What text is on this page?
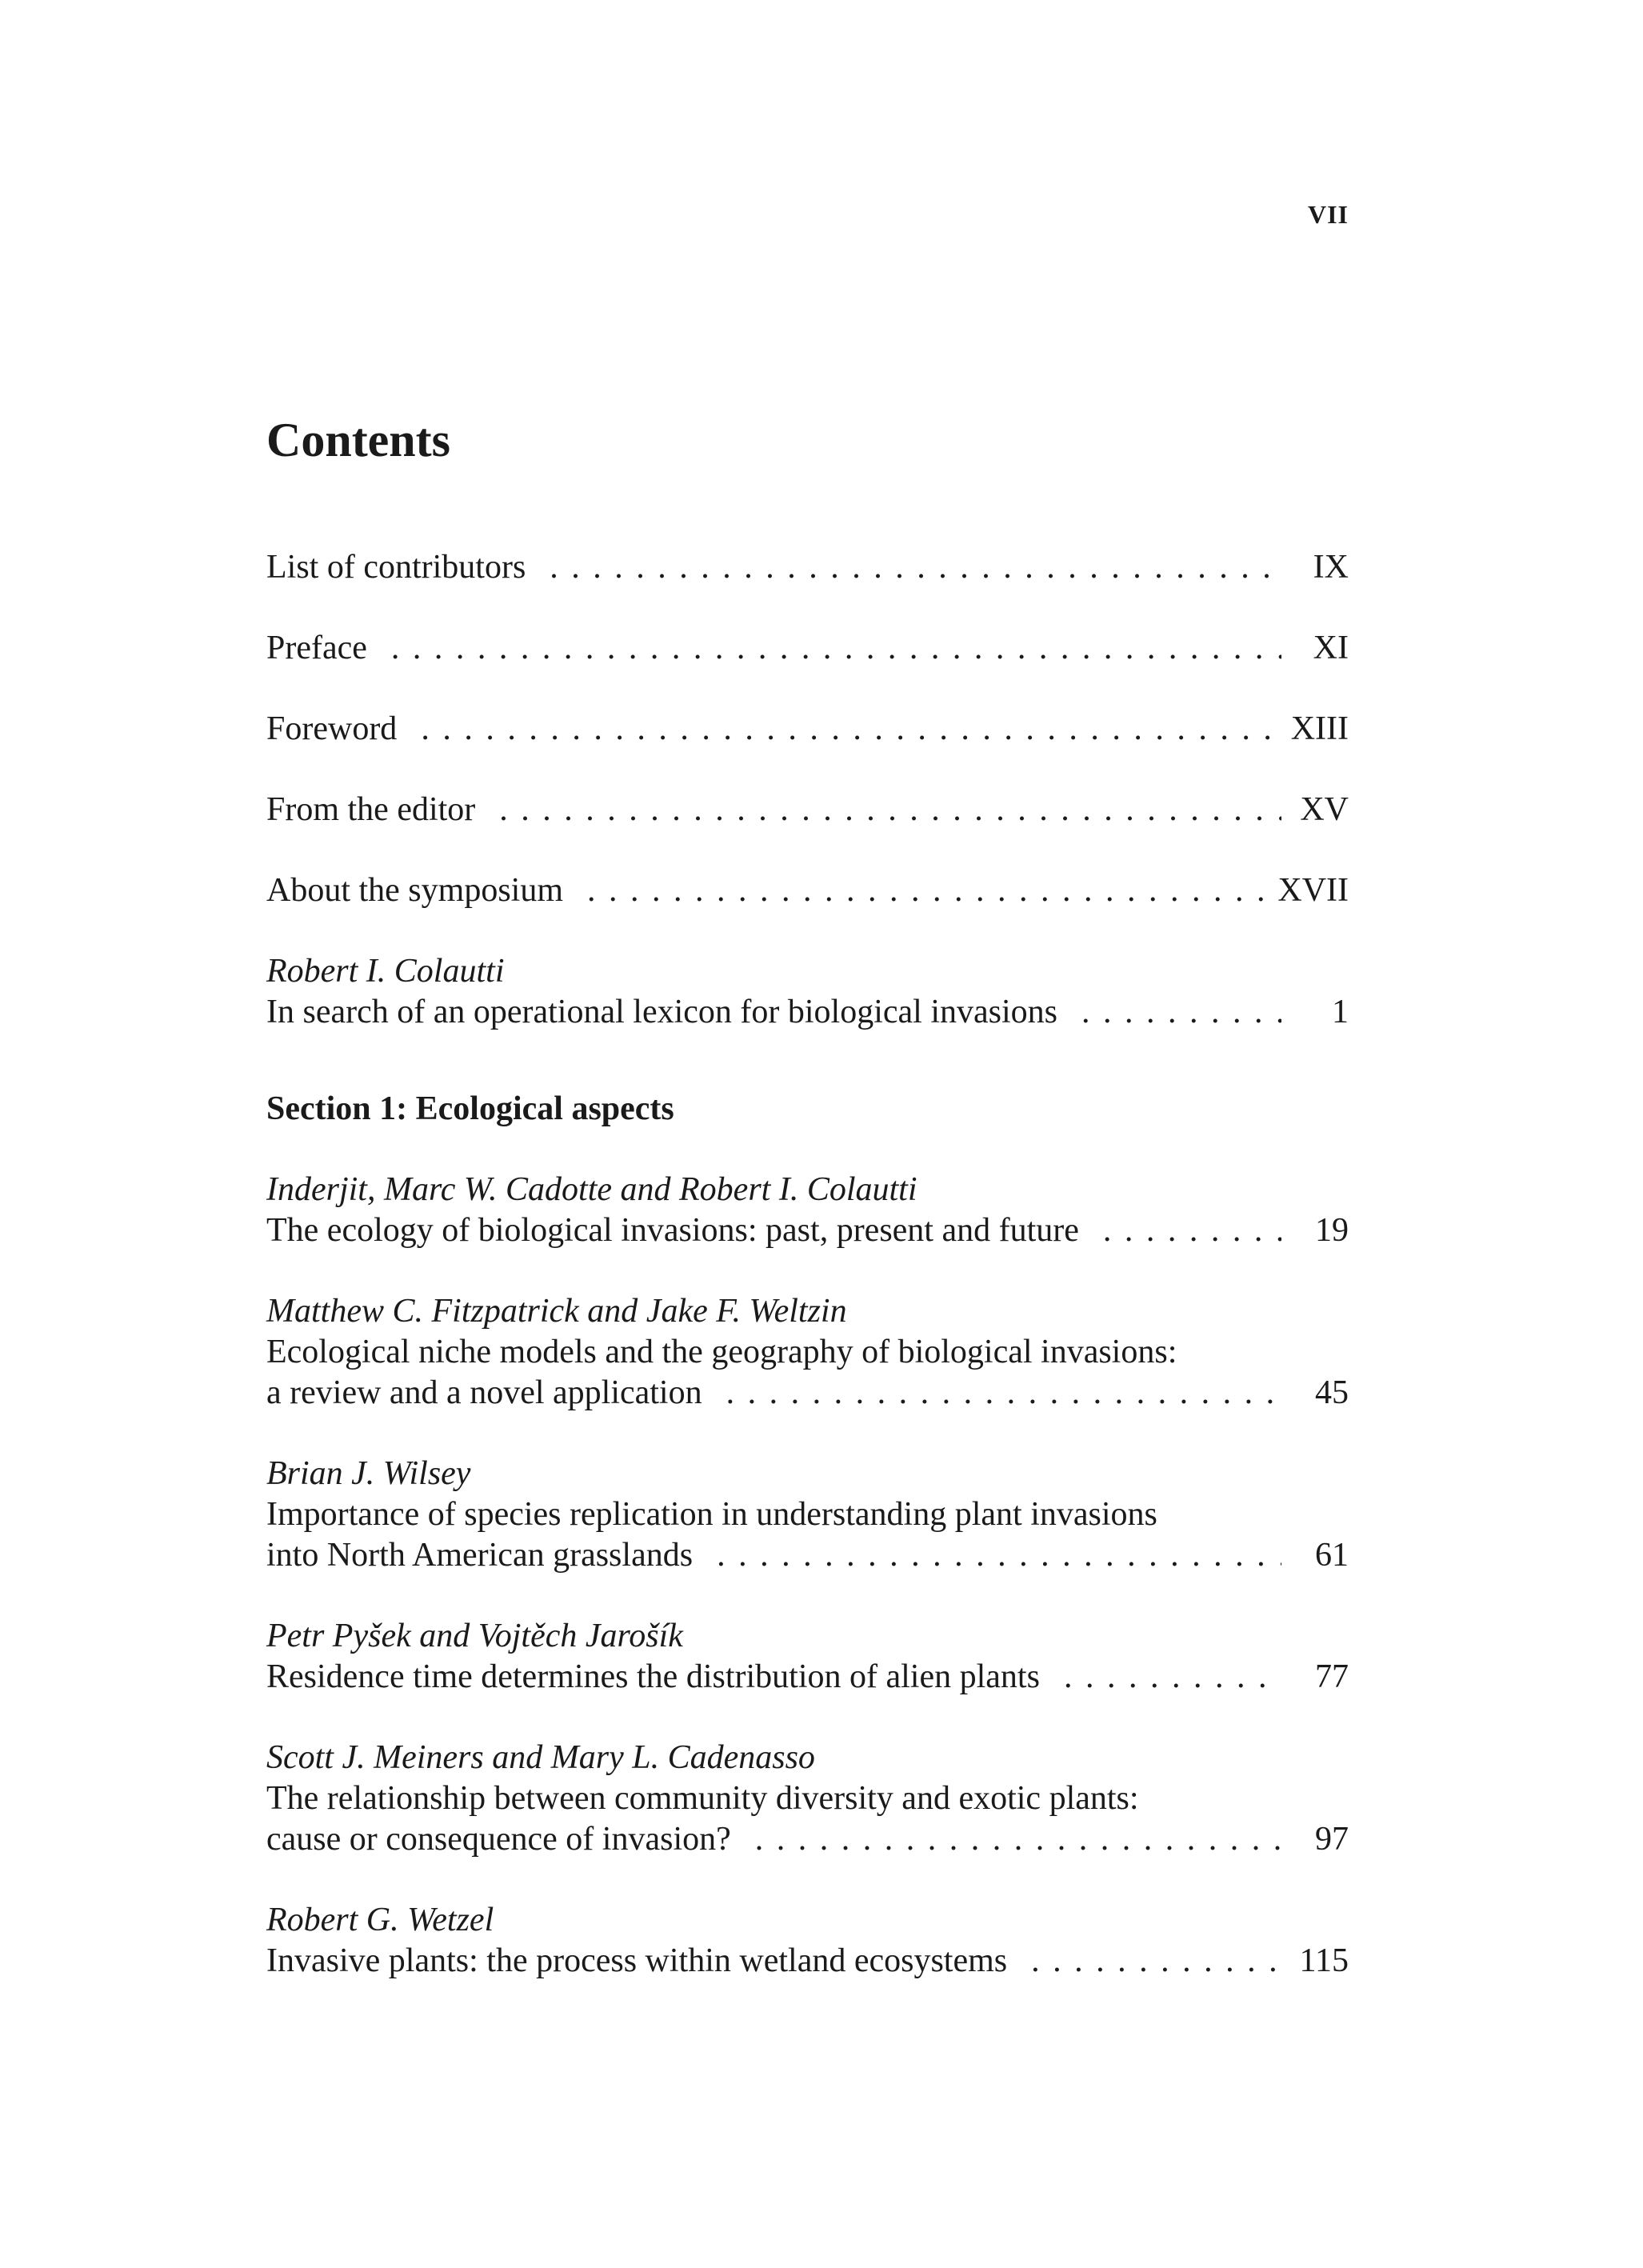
VII
Contents
List of contributors . . .	IX
Preface . . .	XI
Foreword . . .	XIII
From the editor . . .	XV
About the symposium . . .	XVII
Robert I. Colautti
In search of an operational lexicon for biological invasions . . .	1
Section 1: Ecological aspects
Inderjit, Marc W. Cadotte and Robert I. Colautti
The ecology of biological invasions: past, present and future . . .	19
Matthew C. Fitzpatrick and Jake F. Weltzin
Ecological niche models and the geography of biological invasions:
a review and a novel application . . .	45
Brian J. Wilsey
Importance of species replication in understanding plant invasions
into North American grasslands . . .	61
Petr Pyšek and Vojtěch Jarošík
Residence time determines the distribution of alien plants . . .	77
Scott J. Meiners and Mary L. Cadenasso
The relationship between community diversity and exotic plants:
cause or consequence of invasion? . . .	97
Robert G. Wetzel
Invasive plants: the process within wetland ecosystems . . .	115
